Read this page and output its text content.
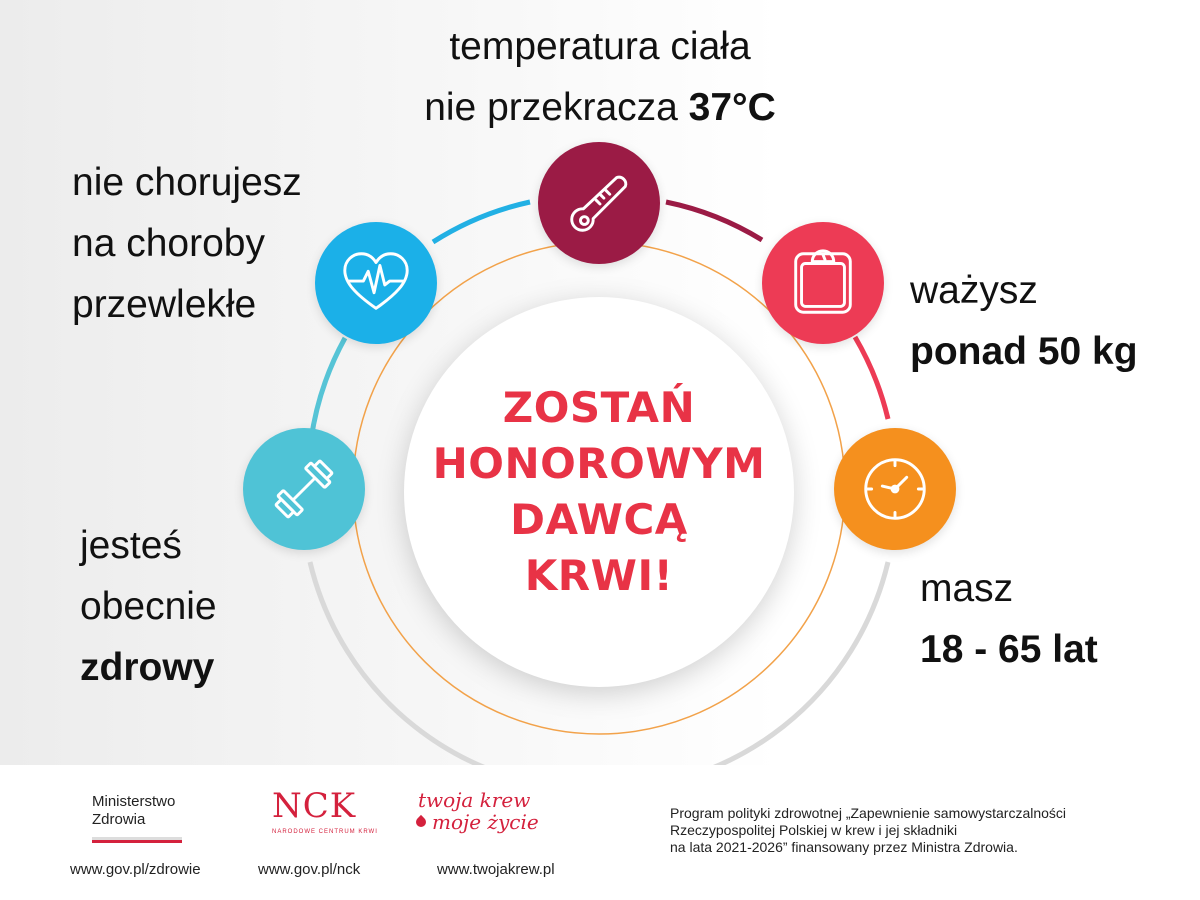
ZOSTAŃ
HONOROWYM
DAWCĄ
KRWI!
temperatura ciała
nie przekracza 37°C
nie chorujesz
na choroby
przewlekłe	ważysz
ponad 50 kg
masz
18 - 65 lat
jesteś
obecnie
zdrowy
Ministerstwo
Zdrowia
www.gov.pl/zdrowie
NCK
NARODOWE CENTRUM KRWI
www.gov.pl/nck
twoja krew
moje życie
www.twojakrew.pl
Program polityki zdrowotnej „Zapewnienie samowystarczalności
Rzeczypospolitej Polskiej w krew i jej składniki
na lata 2021-2026” finansowany przez Ministra Zdrowia.
